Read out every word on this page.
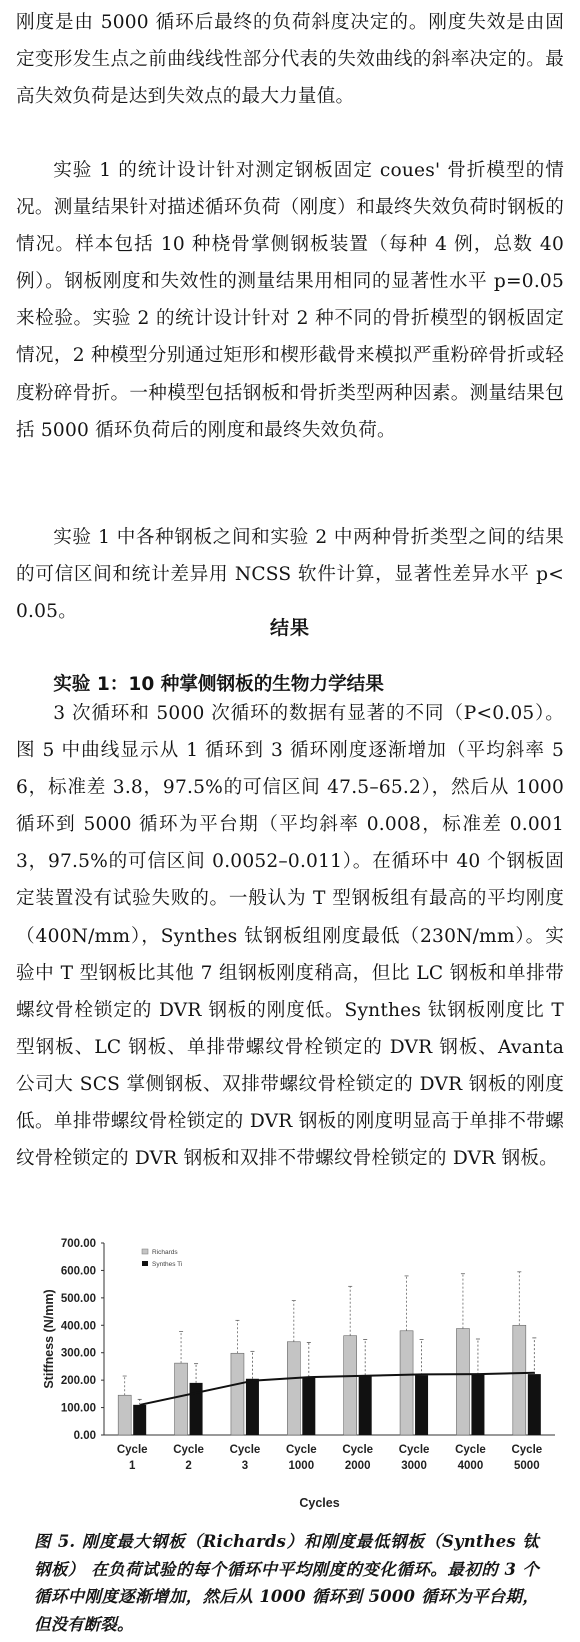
刚度是由 5000 循环后最终的负荷斜度决定的。刚度失效是由固定变形发生点之前曲线线性部分代表的失效曲线的斜率决定的。最高失效负荷是达到失效点的最大力量值。

实验 1 的统计设计针对测定钢板固定 coues' 骨折模型的情况。测量结果针对描述循环负荷（刚度）和最终失效负荷时钢板的情况。样本包括 10 种桡骨掌侧钢板装置（每种 4 例，总数 40 例）。钢板刚度和失效性的测量结果用相同的显著性水平 p=0.05 来检验。实验 2 的统计设计针对 2 种不同的骨折模型的钢板固定情况，2 种模型分别通过矩形和楔形截骨来模拟严重粉碎骨折或轻度粉碎骨折。一种模型包括钢板和骨折类型两种因素。测量结果包括 5000 循环负荷后的刚度和最终失效负荷。

实验 1 中各种钢板之间和实验 2 中两种骨折类型之间的结果的可信区间和统计差异用 NCSS 软件计算，显著性差异水平 p<0.05。

结果
实验 1：10 种掌侧钢板的生物力学结果

3 次循环和 5000 次循环的数据有显著的不同（P<0.05）。图 5 中曲线显示从 1 循环到 3 循环刚度逐渐增加（平均斜率 56，标准差 3.8，97.5%的可信区间 47.5–65.2），然后从 1000 循环到 5000 循环为平台期（平均斜率 0.008，标准差 0.0013，97.5%的可信区间 0.0052–0.011）。在循环中 40 个钢板固定装置没有试验失败的。一般认为 T 型钢板组有最高的平均刚度（400N/mm），Synthes 钛钢板组刚度最低（230N/mm）。实验中 T 型钢板比其他 7 组钢板刚度稍高，但比 LC 钢板和单排带螺纹骨栓锁定的 DVR 钢板的刚度低。Synthes 钛钢板刚度比 T 型钢板、LC 钢板、单排带螺纹骨栓锁定的 DVR 钢板、Avanta 公司大 SCS 掌侧钢板、双排带螺纹骨栓锁定的 DVR 钢板的刚度低。单排带螺纹骨栓锁定的 DVR 钢板的刚度明显高于单排不带螺纹骨栓锁定的 DVR 钢板和双排不带螺纹骨栓锁定的 DVR 钢板。

0.00
100.00
200.00
300.00
400.00
500.00
600.00
700.00
Stiffness (N/mm)
Cycle
1
Cycle
2
Cycle
3
Cycle
1000
Cycle
2000
Cycle
3000
Cycle
4000
Cycle
5000
Richards
Synthes Ti
Cycles

图 5. 刚度最大钢板（Richards）和刚度最低钢板（Synthes 钛钢板） 在负荷试验的每个循环中平均刚度的变化循环。最初的 3 个循环中刚度逐渐增加，然后从 1000 循环到 5000 循环为平台期，但没有断裂。
